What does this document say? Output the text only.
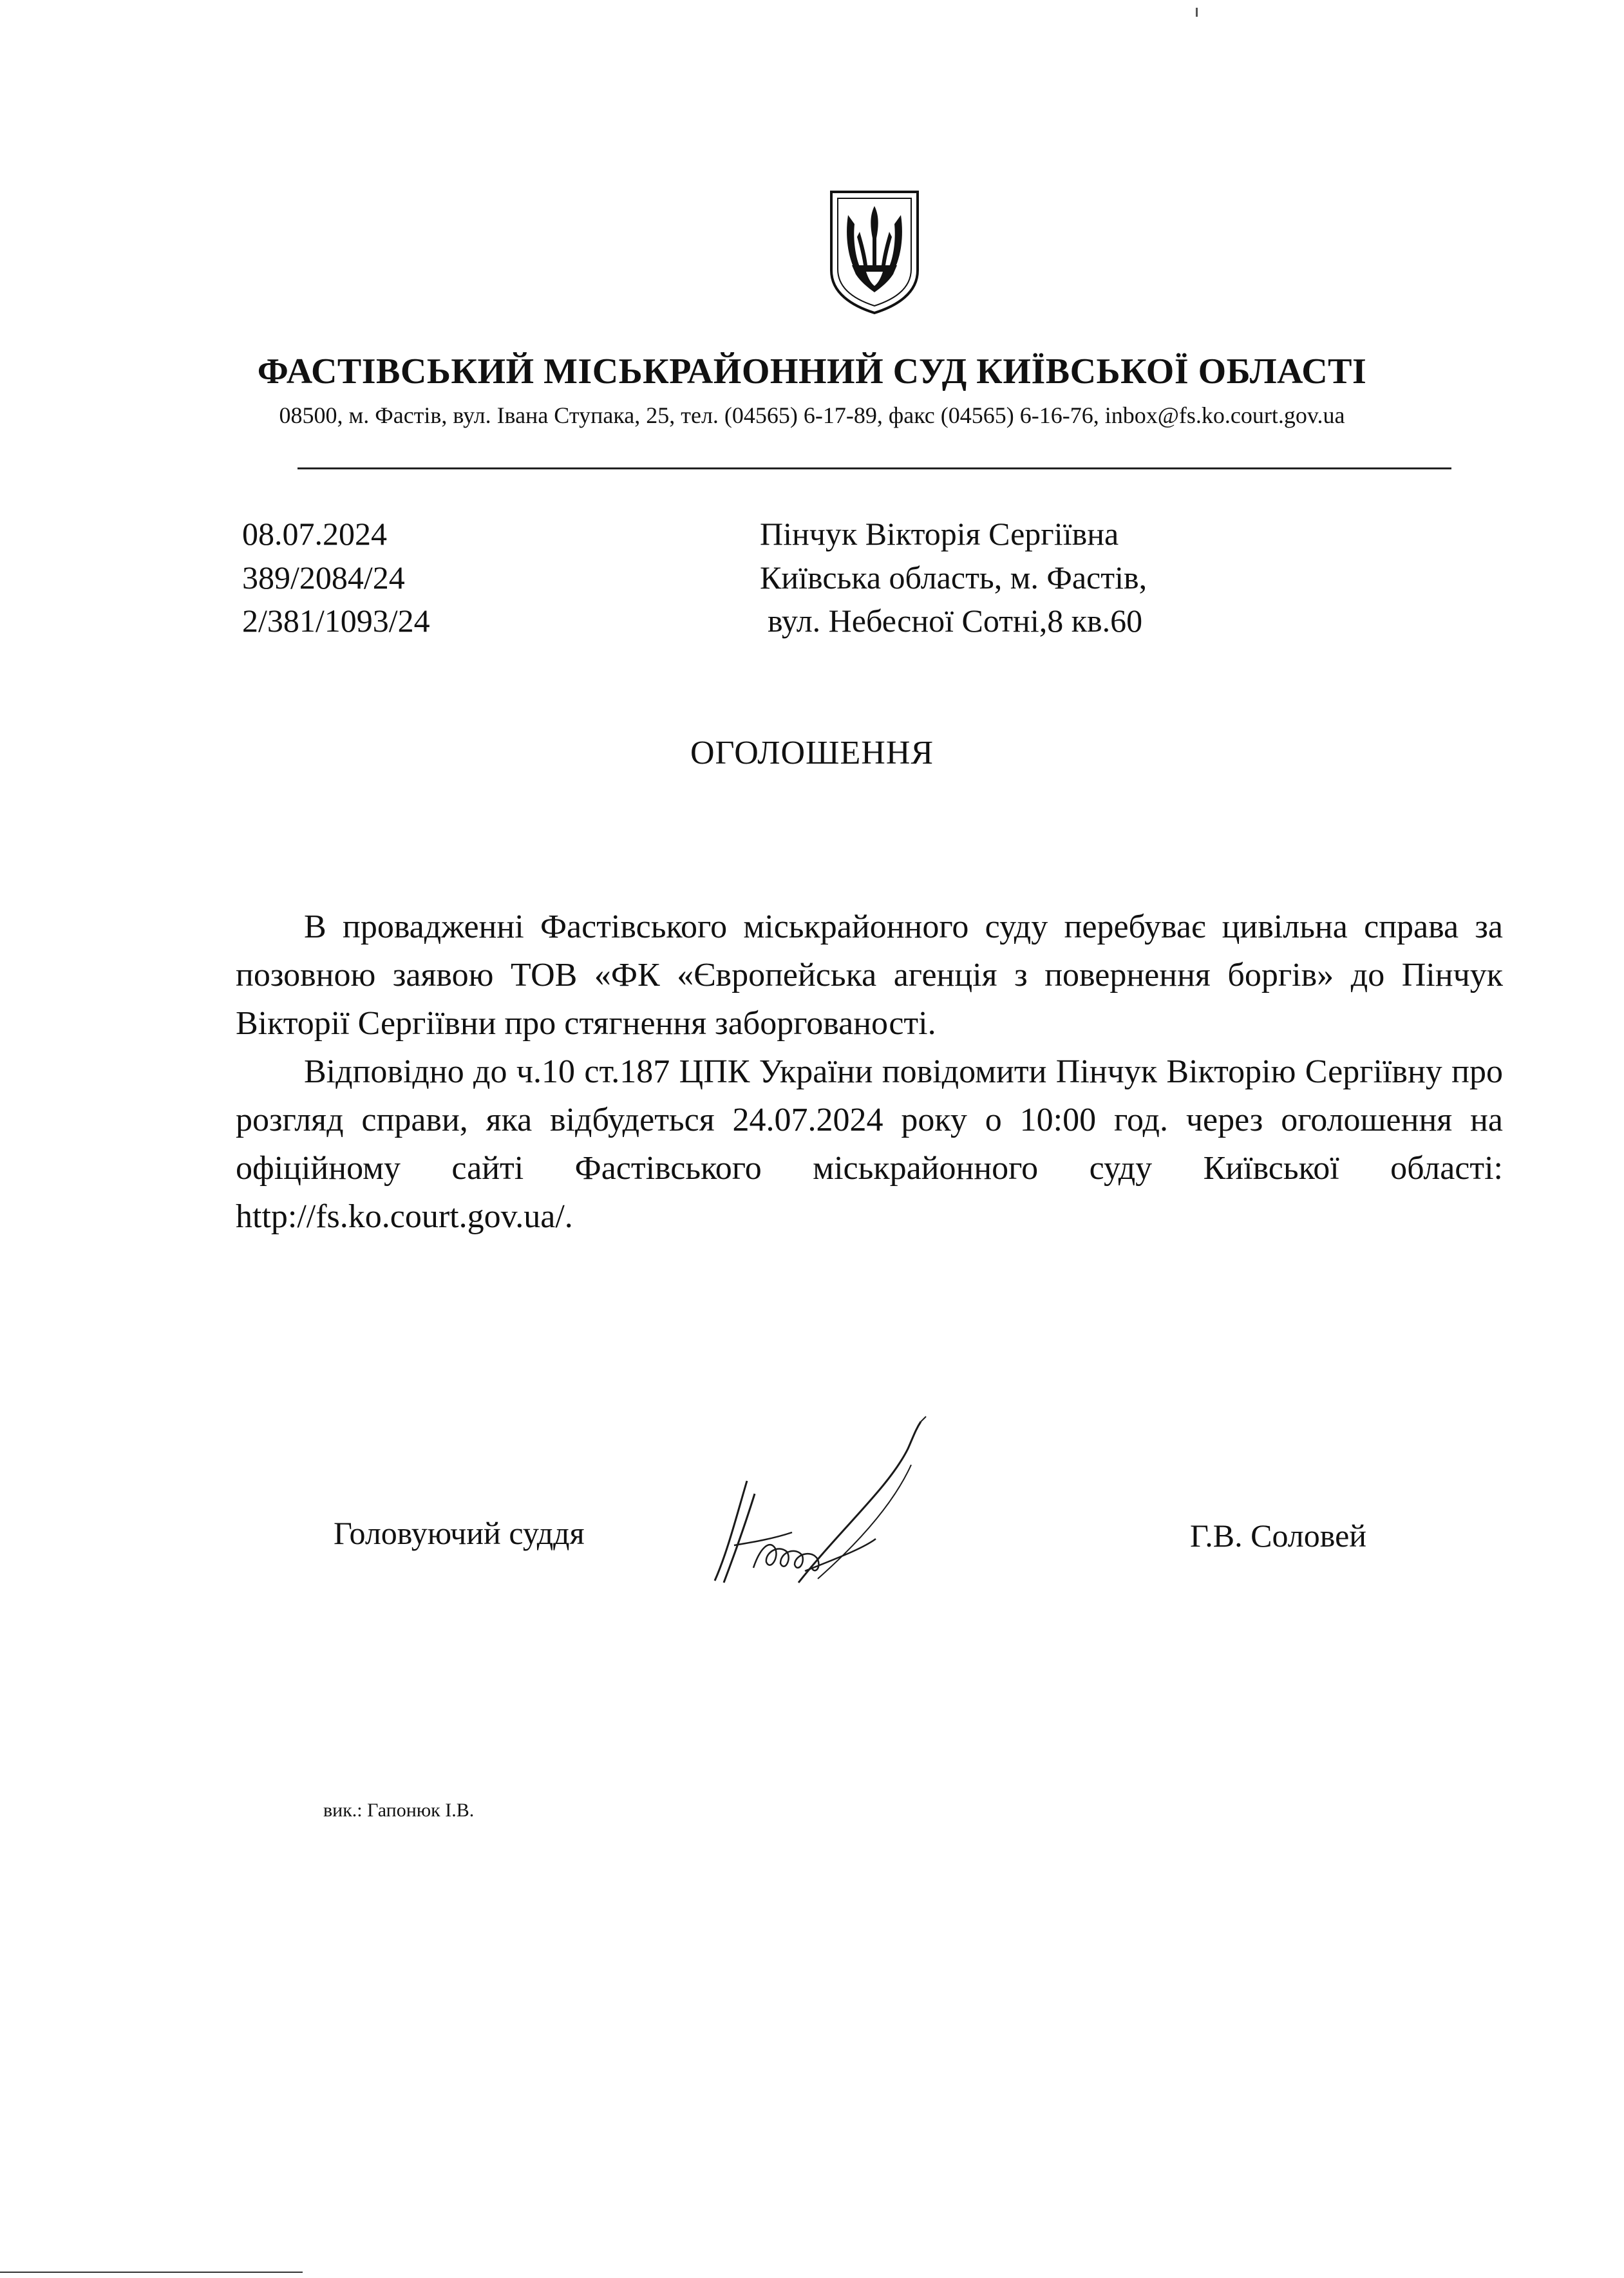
ФАСТІВСЬКИЙ МІСЬКРАЙОННИЙ СУД КИЇВСЬКОЇ ОБЛАСТІ
08500, м. Фастів, вул. Івана Ступака, 25, тел. (04565) 6-17-89, факс (04565) 6-16-76, inbox@fs.ko.court.gov.ua
08.07.2024
389/2084/24
2/381/1093/24
Пінчук Вікторія Сергіївна
Київська область, м. Фастів,
вул. Небесної Сотні,8 кв.60
ОГОЛОШЕННЯ

В провадженні Фастівського міськрайонного суду перебуває цивільна справа за позовною заявою ТОВ «ФК «Європейська агенція з повернення боргів» до Пінчук Вікторії Сергіївни про стягнення заборгованості.

Відповідно до ч.10 ст.187 ЦПК України повідомити Пінчук Вікторію Сергіївну про розгляд справи, яка відбудеться 24.07.2024 року о 10:00 год. через оголошення на офіційному сайті Фастівського міськрайонного суду Київської області: http://fs.ko.court.gov.ua/.

Головуючий суддя	Г.В. Соловей
вик.: Гапонюк І.В.
